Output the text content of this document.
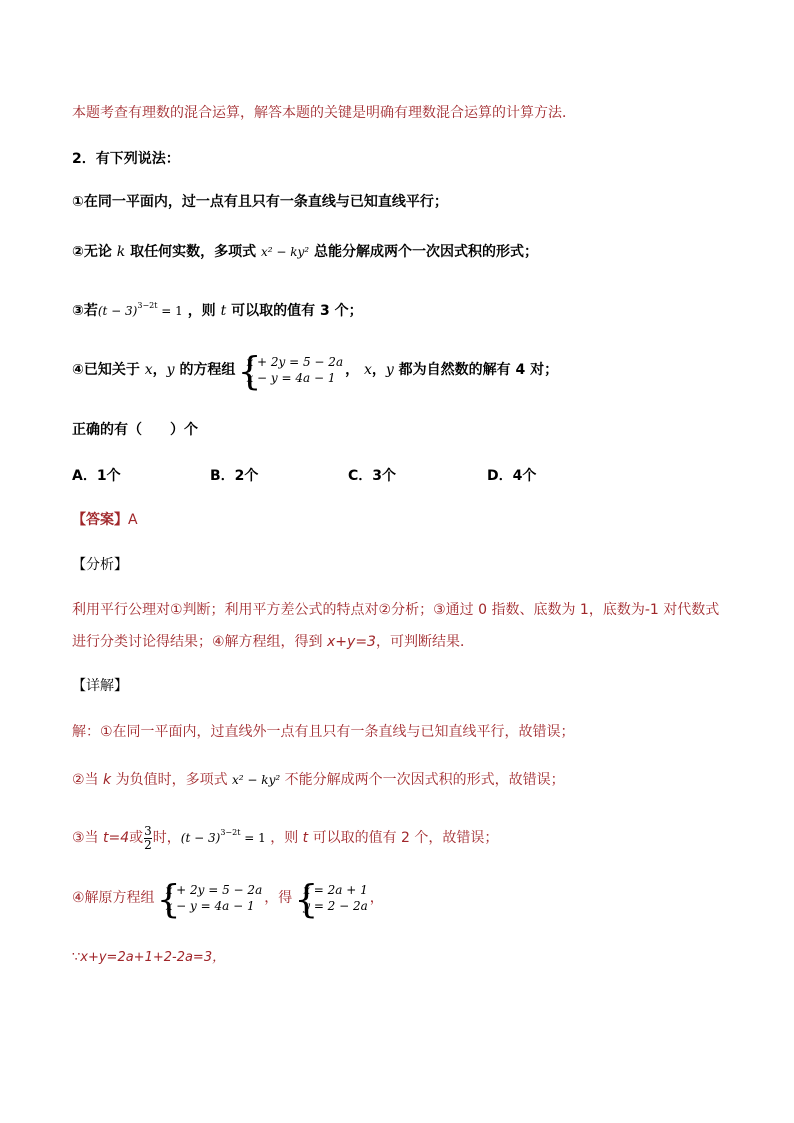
本题考查有理数的混合运算，解答本题的关键是明确有理数混合运算的计算方法．
2．有下列说法：
①在同一平面内，过一点有且只有一条直线与已知直线平行；
②无论 k 取任何实数，多项式 x² − ky² 总能分解成两个一次因式积的形式；
③若$(t - 3)^{3-2t} = 1$ ，则 t 可以取的值有 3 个；
④已知关于 x，y 的方程组 {
x + 2y = 5 − 2a
x − y = 4a − 1 ， x，y 都为自然数的解有 4 对；
正确的有（　　）个
A．1个	B．2个	C．3个	D．4个
【答案】A
【分析】
利用平行公理对①判断；利用平方差公式的特点对②分析；③通过 0 指数、底数为 1，底数为-1 对代数式
进行分类讨论得结果；④解方程组，得到 x+y=3，可判断结果．
【详解】
解：①在同一平面内，过直线外一点有且只有一条直线与已知直线平行，故错误；
②当 k 为负值时，多项式 x² − ky² 不能分解成两个一次因式积的形式，故错误；
③当 t=4或 $\frac{3}{2}$ 时，$(t - 3)^{3-2t} = 1$ ，则 t 可以取的值有 2 个，故错误；
④解原方程组 {
x + 2y = 5 − 2a
x − y = 4a − 1 ，得 {
x = 2a + 1
y = 2 − 2a ，
∵x+y=2a+1+2-2a=3，
